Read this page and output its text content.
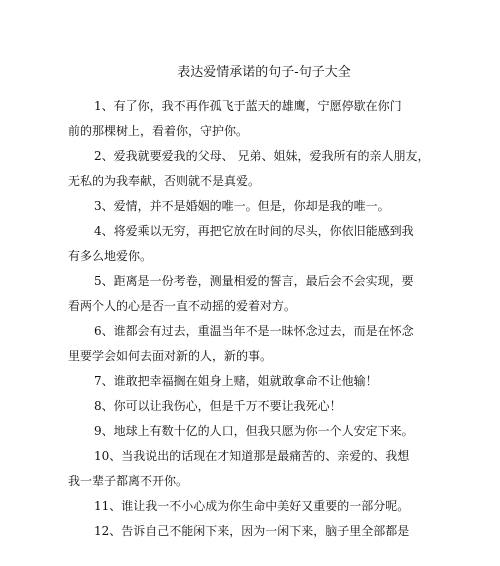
表达爱情承诺的句子-句子大全
1、有了你，我不再作孤飞于蓝天的雄鹰，宁愿停歇在你门
前的那棵树上，看着你，守护你。
2、爱我就要爱我的父母、 兄弟、姐妹，爱我所有的亲人朋友，
无私的为我奉献，否则就不是真爱。
3、爱情，并不是婚姻的唯一。但是，你却是我的唯一。
4、将爱乘以无穷，再把它放在时间的尽头，你依旧能感到我
有多么地爱你。
5、距离是一份考卷，测量相爱的誓言，最后会不会实现，要
看两个人的心是否一直不动摇的爱着对方。
6、谁都会有过去，重温当年不是一昧怀念过去，而是在怀念
里要学会如何去面对新的人，新的事。
7、谁敢把幸福搁在姐身上赌，姐就敢拿命不让他输！
8、你可以让我伤心，但是千万不要让我死心！
9、地球上有数十亿的人口，但我只愿为你一个人安定下来。
10、当我说出的话现在才知道那是最痛苦的、亲爱的、我想
我一辈子都离不开你。
11、谁让我一不小心成为你生命中美好又重要的一部分呢。
12、告诉自己不能闲下来，因为一闲下来，脑子里全部都是
